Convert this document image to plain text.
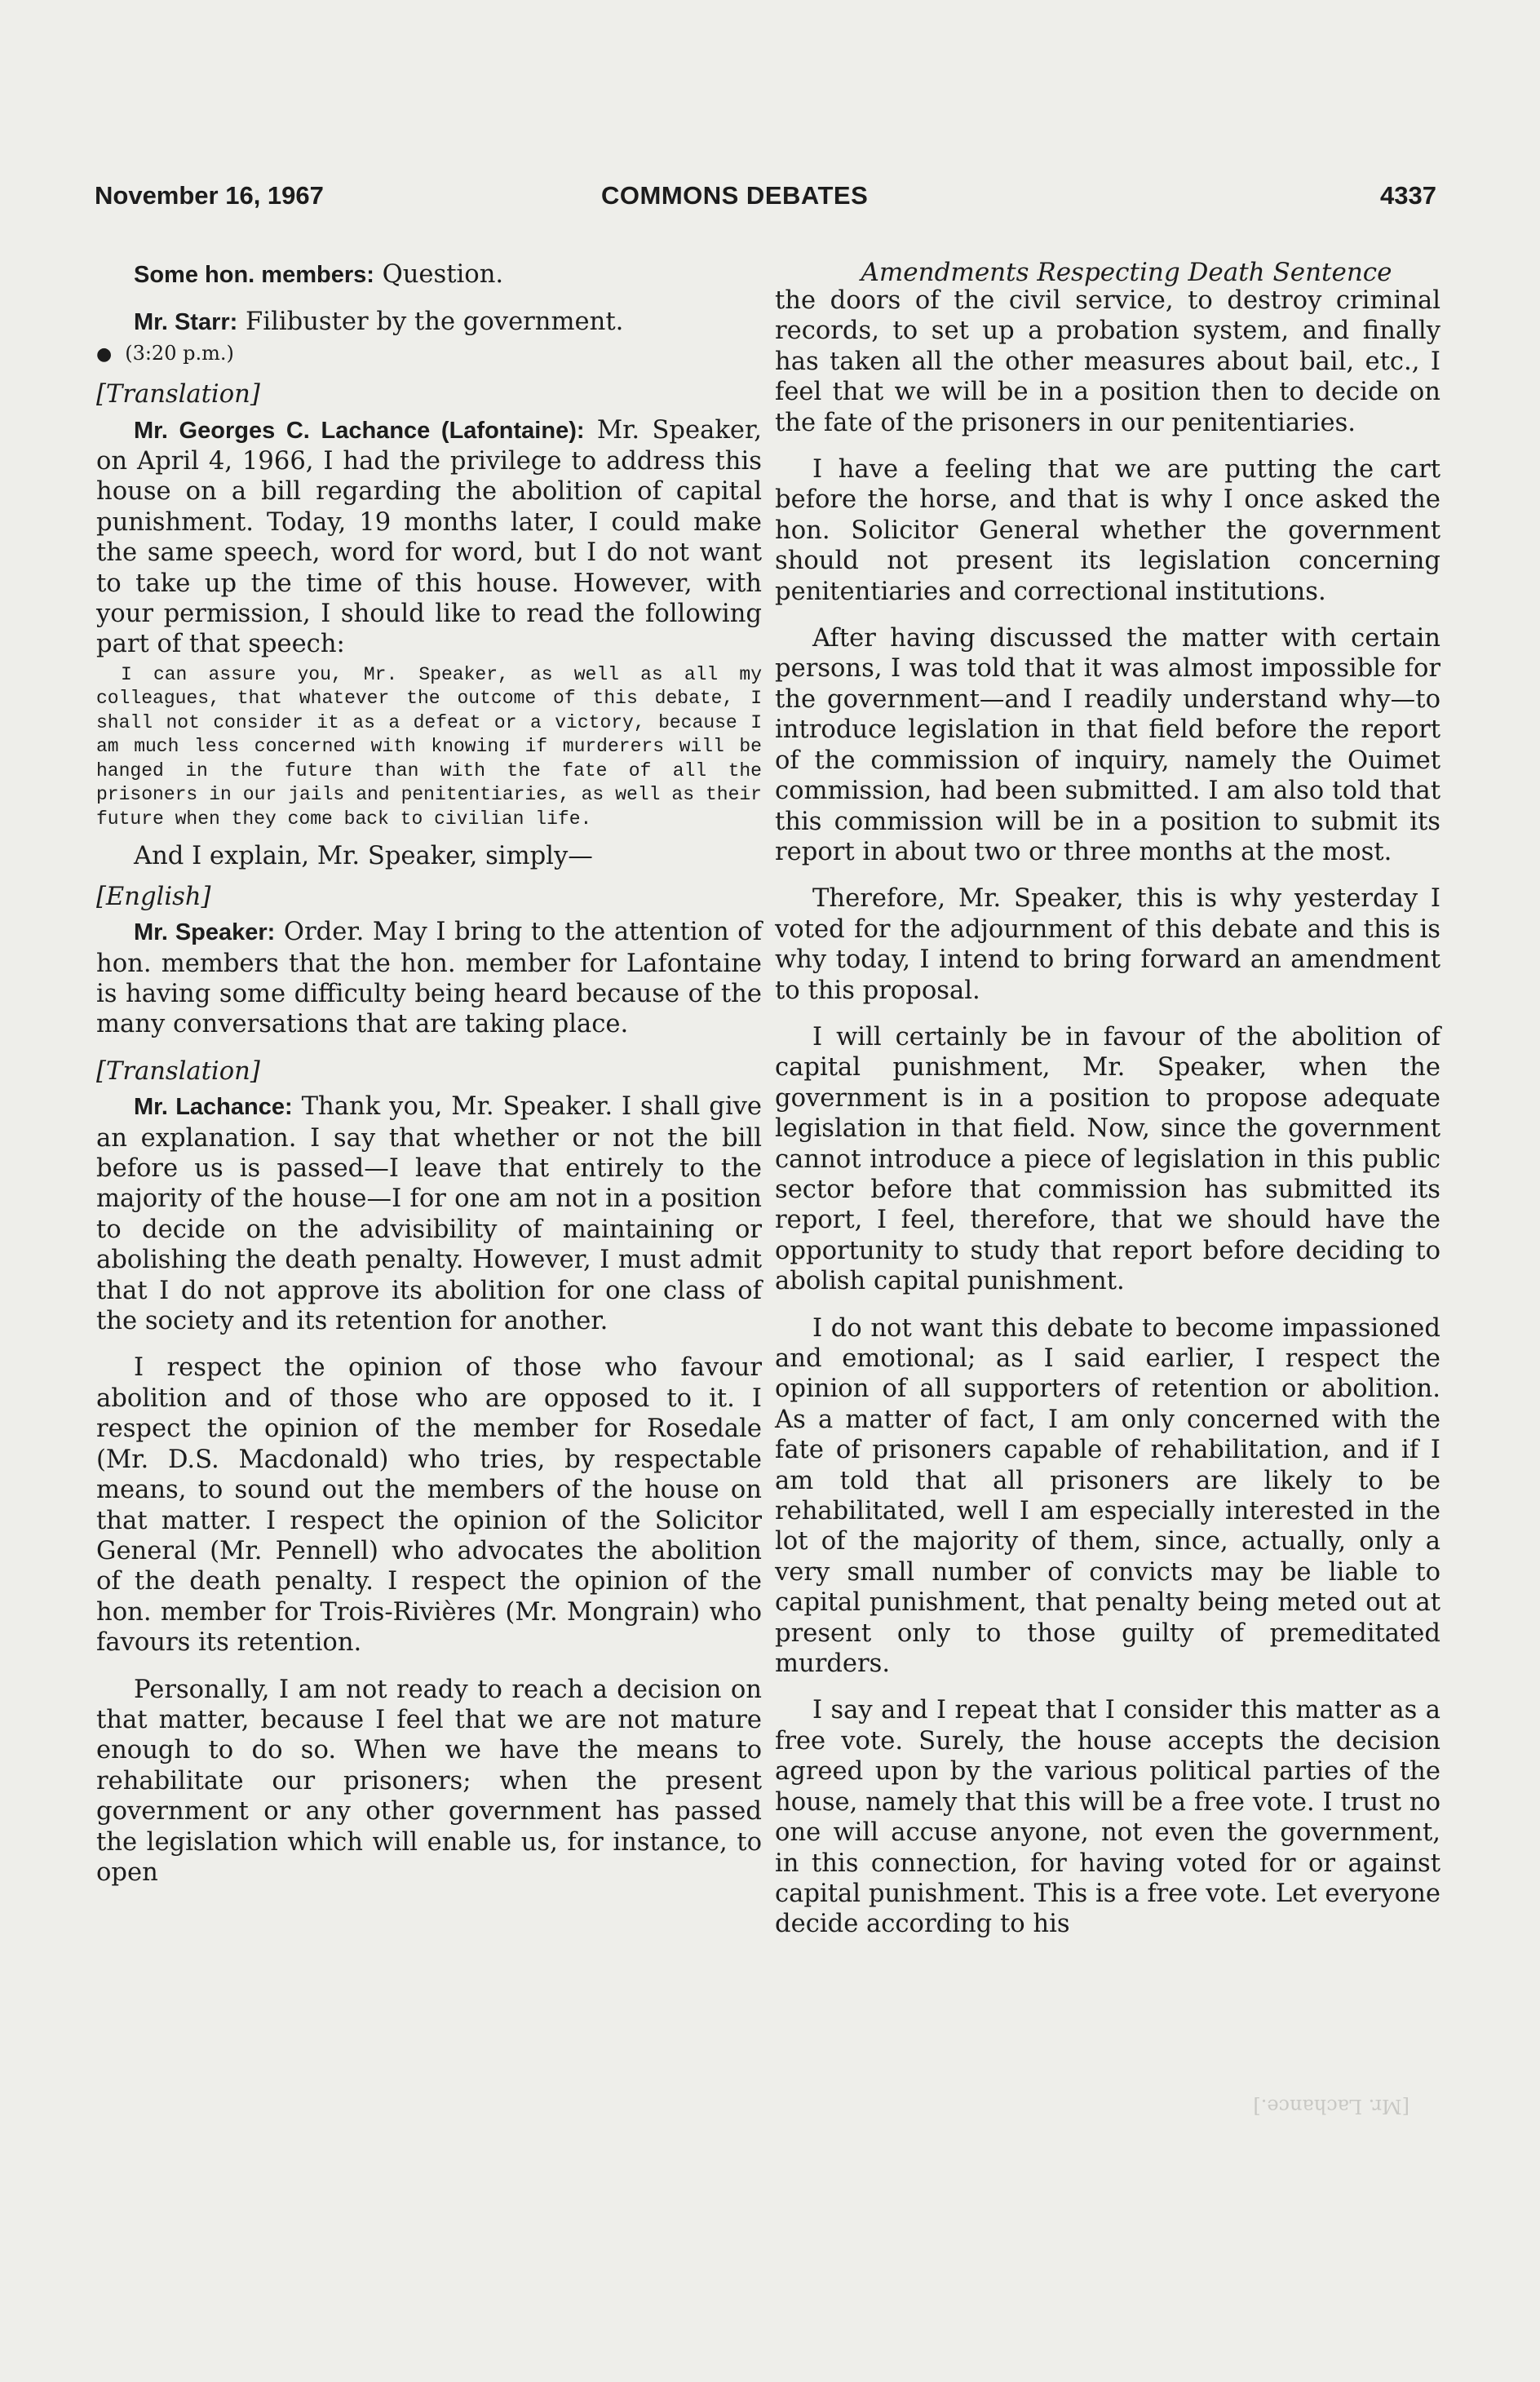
November 16, 1967	COMMONS DEBATES	4337

Some hon. members: Question.

Mr. Starr: Filibuster by the government.

● (3:20 p.m.)

[Translation]

Mr. Georges C. Lachance (Lafontaine): Mr. Speaker, on April 4, 1966, I had the privilege to address this house on a bill regarding the abolition of capital punishment. Today, 19 months later, I could make the same speech, word for word, but I do not want to take up the time of this house. However, with your permission, I should like to read the following part of that speech:

I can assure you, Mr. Speaker, as well as all my colleagues, that whatever the outcome of this debate, I shall not consider it as a defeat or a victory, because I am much less concerned with knowing if murderers will be hanged in the future than with the fate of all the prisoners in our jails and penitentiaries, as well as their future when they come back to civilian life.

And I explain, Mr. Speaker, simply—

[English]

Mr. Speaker: Order. May I bring to the attention of hon. members that the hon. member for Lafontaine is having some difficulty being heard because of the many conversations that are taking place.

[Translation]

Mr. Lachance: Thank you, Mr. Speaker. I shall give an explanation. I say that whether or not the bill before us is passed—I leave that entirely to the majority of the house—I for one am not in a position to decide on the advisibility of maintaining or abolishing the death penalty. However, I must admit that I do not approve its abolition for one class of the society and its retention for another.

I respect the opinion of those who favour abolition and of those who are opposed to it. I respect the opinion of the member for Rosedale (Mr. D.S. Macdonald) who tries, by respectable means, to sound out the members of the house on that matter. I respect the opinion of the Solicitor General (Mr. Pennell) who advocates the abolition of the death penalty. I respect the opinion of the hon. member for Trois-Rivières (Mr. Mongrain) who favours its retention.

Personally, I am not ready to reach a decision on that matter, because I feel that we are not mature enough to do so. When we have the means to rehabilitate our prisoners; when the present government or any other government has passed the legislation which will enable us, for instance, to open

Amendments Respecting Death Sentence

the doors of the civil service, to destroy criminal records, to set up a probation system, and finally has taken all the other measures about bail, etc., I feel that we will be in a position then to decide on the fate of the prisoners in our penitentiaries.

I have a feeling that we are putting the cart before the horse, and that is why I once asked the hon. Solicitor General whether the government should not present its legislation concerning penitentiaries and correctional institutions.

After having discussed the matter with certain persons, I was told that it was almost impossible for the government—and I readily understand why—to introduce legislation in that field before the report of the commission of inquiry, namely the Ouimet commission, had been submitted. I am also told that this commission will be in a position to submit its report in about two or three months at the most.

Therefore, Mr. Speaker, this is why yesterday I voted for the adjournment of this debate and this is why today, I intend to bring forward an amendment to this proposal.

I will certainly be in favour of the abolition of capital punishment, Mr. Speaker, when the government is in a position to propose adequate legislation in that field. Now, since the government cannot introduce a piece of legislation in this public sector before that commission has submitted its report, I feel, therefore, that we should have the opportunity to study that report before deciding to abolish capital punishment.

I do not want this debate to become impassioned and emotional; as I said earlier, I respect the opinion of all supporters of retention or abolition. As a matter of fact, I am only concerned with the fate of prisoners capable of rehabilitation, and if I am told that all prisoners are likely to be rehabilitated, well I am especially interested in the lot of the majority of them, since, actually, only a very small number of convicts may be liable to capital punishment, that penalty being meted out at present only to those guilty of premeditated murders.

I say and I repeat that I consider this matter as a free vote. Surely, the house accepts the decision agreed upon by the various political parties of the house, namely that this will be a free vote. I trust no one will accuse anyone, not even the government, in this connection, for having voted for or against capital punishment. This is a free vote. Let everyone decide according to his

[Mr. Lachance.]
